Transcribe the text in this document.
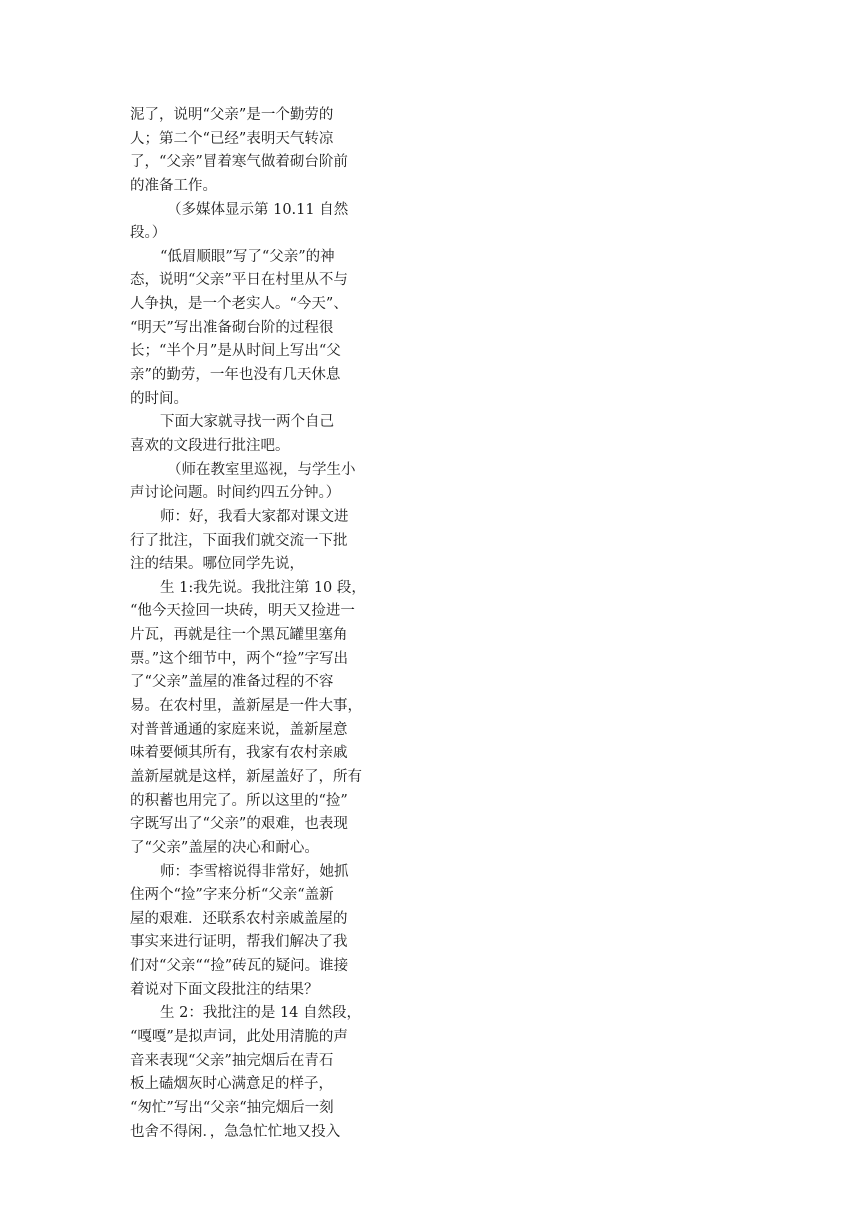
泥了，说明“父亲”是一个勤劳的
人；第二个“已经”表明天气转凉
了，“父亲”冒着寒气做着砌台阶前
的准备工作。
（多媒体显示第 10.11 自然
段。）
“低眉顺眼”写了“父亲”的神
态，说明“父亲”平日在村里从不与
人争执，是一个老实人。“今天”、
“明天”写出准备砌台阶的过程很
长；“半个月”是从时间上写出“父
亲”的勤劳，一年也没有几天休息
的时间。
下面大家就寻找一两个自己
喜欢的文段进行批注吧。
（师在教室里巡视，与学生小
声讨论问题。时间约四五分钟。）
师：好，我看大家都对课文进
行了批注，下面我们就交流一下批
注的结果。哪位同学先说，
生 1:我先说。我批注第 10 段，
“他今天捡回一块砖，明天又捡进一
片瓦，再就是往一个黑瓦罐里塞角
票。”这个细节中，两个“捡”字写出
了“父亲”盖屋的准备过程的不容
易。在农村里，盖新屋是一件大事，
对普普通通的家庭来说，盖新屋意
味着要倾其所有，我家有农村亲戚
盖新屋就是这样，新屋盖好了，所有
的积蓄也用完了。所以这里的“捡”
字既写出了“父亲”的艰难，也表现
了“父亲”盖屋的决心和耐心。
师：李雪榕说得非常好，她抓
住两个“捡”字来分析“父亲“盖新
屋的艰难．还联系农村亲戚盖屋的
事实来进行证明，帮我们解决了我
们对“父亲““捡”砖瓦的疑问。谁接
着说对下面文段批注的结果？
生 2：我批注的是 14 自然段，
“嘎嘎”是拟声词，此处用清脆的声
音来表现“父亲”抽完烟后在青石
板上磕烟灰时心满意足的样子，
“匆忙”写出“父亲“抽完烟后一刻
也舍不得闲．，急急忙忙地又投入
